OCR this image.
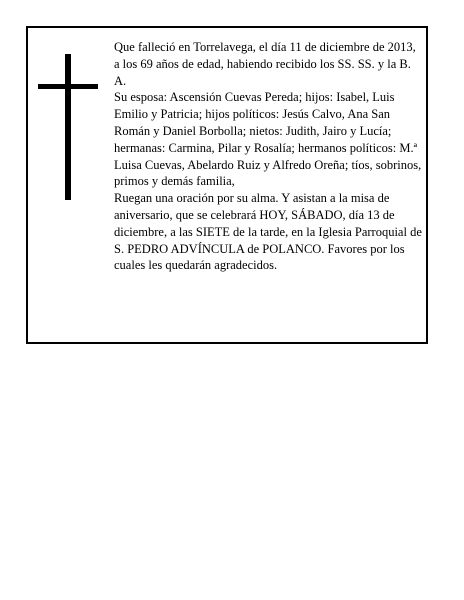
Que falleció en Torrelavega, el día 11 de diciembre de 2013, a los 69 años de edad, habiendo recibido los SS. SS. y la B. A.

Su esposa: Ascensión Cuevas Pereda; hijos: Isabel, Luis Emilio y Patricia; hijos políticos: Jesús Calvo, Ana San Román y Daniel Borbolla; nietos: Judith, Jairo y Lucía; hermanas: Carmina, Pilar y Rosalía; hermanos políticos: M.ª Luisa Cuevas, Abelardo Ruiz y Alfredo Oreña; tíos, sobrinos, primos y demás familia,

Ruegan una oración por su alma. Y asistan a la misa de aniversario, que se celebrará HOY, SÁBADO, día 13 de diciembre, a las SIETE de la tarde, en la Iglesia Parroquial de S. PEDRO ADVÍNCULA de POLANCO. Favores por los cuales les quedarán agradecidos.
